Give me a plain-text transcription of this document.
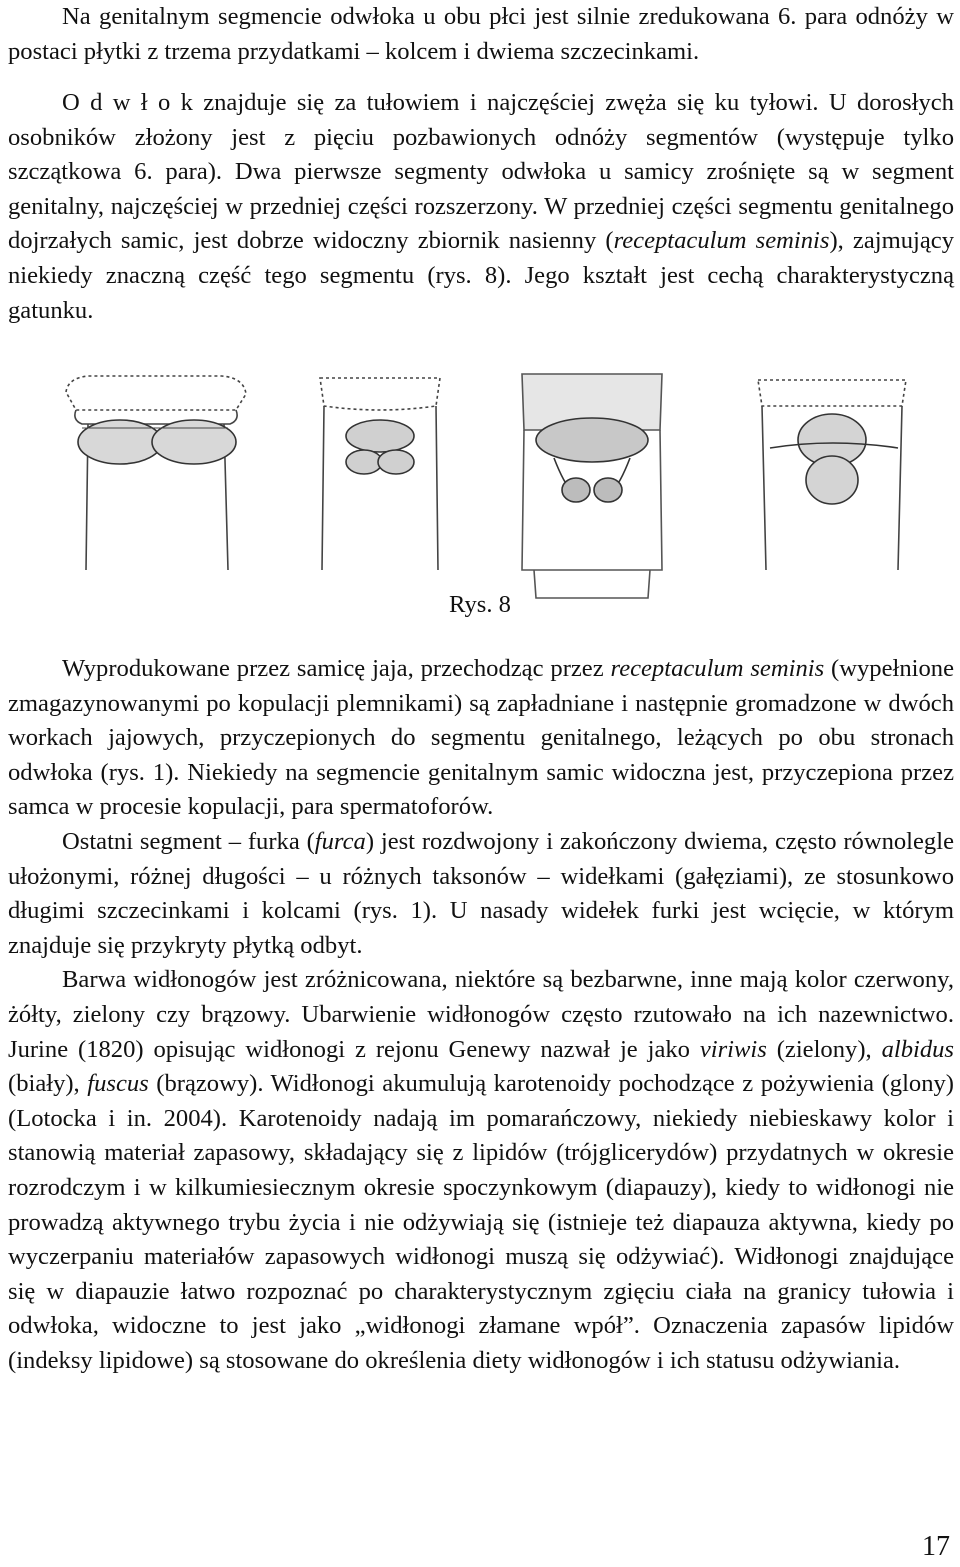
Na genitalnym segmencie odwłoka u obu płci jest silnie zredukowana 6. para odnóży w postaci płytki z trzema przydatkami – kolcem i dwiema szczecinkami.

O d w ł o k znajduje się za tułowiem i najczęściej zwęża się ku tyłowi. U dorosłych osobników złożony jest z pięciu pozbawionych odnóży segmentów (występuje tylko szczątkowa 6. para). Dwa pierwsze segmenty odwłoka u samicy zrośnięte są w segment genitalny, najczęściej w przedniej części rozszerzony. W przedniej części segmentu genitalnego dojrzałych samic, jest dobrze widoczny zbiornik nasienny (receptaculum seminis), zajmujący niekiedy znaczną część tego segmentu (rys. 8). Jego kształt jest cechą charakterystyczną gatunku.

Rys. 8

Wyprodukowane przez samicę jaja, przechodząc przez receptaculum seminis (wypełnione zmagazynowanymi po kopulacji plemnikami) są zapładniane i następnie gromadzone w dwóch workach jajowych, przyczepionych do segmentu genitalnego, leżących po obu stronach odwłoka (rys. 1). Niekiedy na segmencie genitalnym samic widoczna jest, przyczepiona przez samca w procesie kopulacji, para spermatoforów.

Ostatni segment – furka (furca) jest rozdwojony i zakończony dwiema, często równolegle ułożonymi, różnej długości – u różnych taksonów – widełkami (gałęziami), ze stosunkowo długimi szczecinkami i kolcami (rys. 1). U nasady widełek furki jest wcięcie, w którym znajduje się przykryty płytką odbyt.

Barwa widłonogów jest zróżnicowana, niektóre są bezbarwne, inne mają kolor czerwony, żółty, zielony czy brązowy. Ubarwienie widłonogów często rzutowało na ich nazewnictwo. Jurine (1820) opisując widłonogi z rejonu Genewy nazwał je jako viriwis (zielony), albidus (biały), fuscus (brązowy). Widłonogi akumulują karotenoidy pochodzące z pożywienia (glony) (Lotocka i in. 2004). Karotenoidy nadają im pomarańczowy, niekiedy niebieskawy kolor i stanowią materiał zapasowy, składający się z lipidów (trójglicerydów) przydatnych w okresie rozrodczym i w kilkumiesiecznym okresie spoczynkowym (diapauzy), kiedy to widłonogi nie prowadzą aktywnego trybu życia i nie odżywiają się (istnieje też diapauza aktywna, kiedy po wyczerpaniu materiałów zapasowych widłonogi muszą się odżywiać). Widłonogi znajdujące się w diapauzie łatwo rozpoznać po charakterystycznym zgięciu ciała na granicy tułowia i odwłoka, widoczne to jest jako „widłonogi złamane wpół”. Oznaczenia zapasów lipidów (indeksy lipidowe) są stosowane do określenia diety widłonogów i ich statusu odżywiania.

17
